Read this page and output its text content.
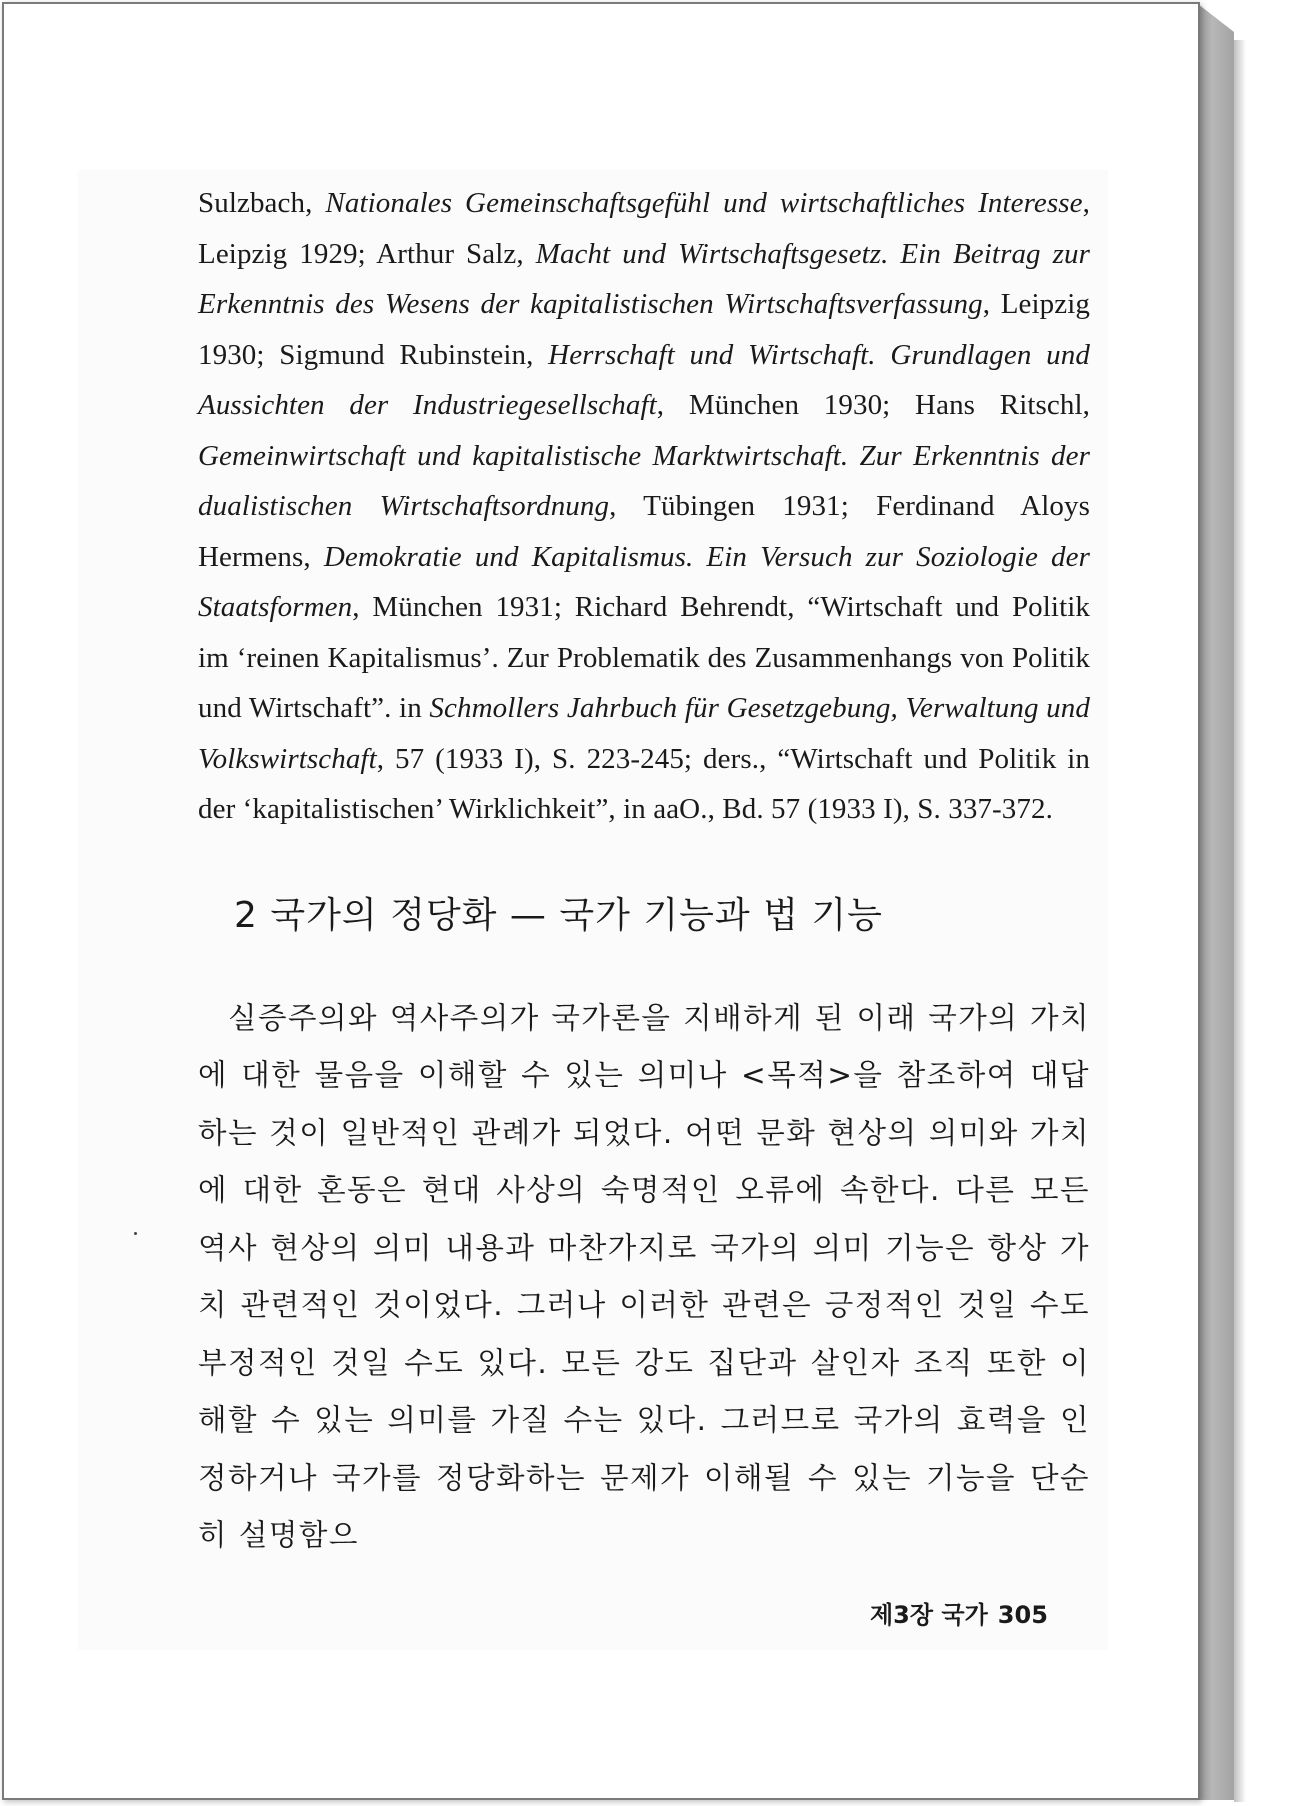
Sulzbach, Nationales Gemeinschaftsgefühl und wirtschaftliches Interesse, Leipzig 1929; Arthur Salz, Macht und Wirtschaftsgesetz. Ein Beitrag zur Erkenntnis des Wesens der kapitalistischen Wirtschaftsverfassung, Leipzig 1930; Sigmund Rubinstein, Herrschaft und Wirtschaft. Grundlagen und Aussichten der Industriegesellschaft, München 1930; Hans Ritschl, Gemeinwirtschaft und kapitalistische Marktwirtschaft. Zur Erkenntnis der dualistischen Wirtschaftsordnung, Tübingen 1931; Ferdinand Aloys Hermens, Demokratie und Kapitalismus. Ein Versuch zur Soziologie der Staatsformen, München 1931; Richard Behrendt, “Wirtschaft und Politik im ‘reinen Kapitalismus’. Zur Problematik des Zusammenhangs von Politik und Wirtschaft”. in Schmollers Jahrbuch für Gesetzgebung, Verwaltung und Volkswirtschaft, 57 (1933 I), S. 223-245; ders., “Wirtschaft und Politik in der ‘kapitalistischen’ Wirklichkeit”, in aaO., Bd. 57 (1933 I), S. 337-372.
2 국가의 정당화 — 국가 기능과 법 기능
실증주의와 역사주의가 국가론을 지배하게 된 이래 국가의 가치에 대한 물음을 이해할 수 있는 의미나 <목적>을 참조하여 대답하는 것이 일반적인 관례가 되었다. 어떤 문화 현상의 의미와 가치에 대한 혼동은 현대 사상의 숙명적인 오류에 속한다. 다른 모든 역사 현상의 의미 내용과 마찬가지로 국가의 의미 기능은 항상 가치 관련적인 것이었다. 그러나 이러한 관련은 긍정적인 것일 수도 부정적인 것일 수도 있다. 모든 강도 집단과 살인자 조직 또한 이해할 수 있는 의미를 가질 수는 있다. 그러므로 국가의 효력을 인정하거나 국가를 정당화하는 문제가 이해될 수 있는 기능을 단순히 설명함으
제3장 국가 305
